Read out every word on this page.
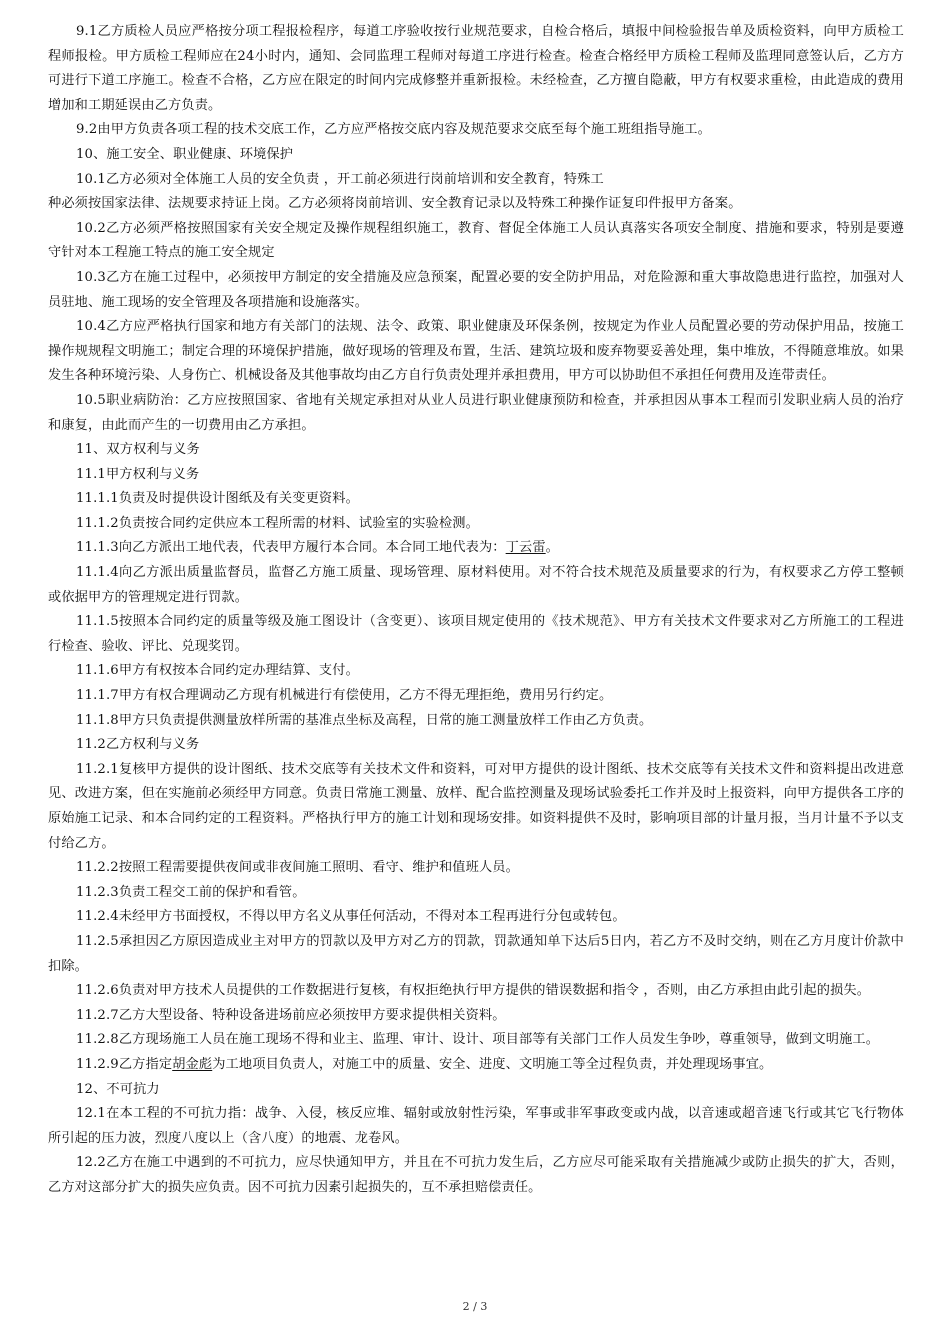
9.1乙方质检人员应严格按分项工程报检程序，每道工序验收按行业规范要求，自检合格后，填报中间检验报告单及质检资料，向甲方质检工程师报检。甲方质检工程师应在24小时内，通知、会同监理工程师对每道工序进行检查。检查合格经甲方质检工程师及监理同意签认后，乙方方可进行下道工序施工。检查不合格，乙方应在限定的时间内完成修整并重新报检。未经检查，乙方擅自隐蔽，甲方有权要求重检，由此造成的费用增加和工期延误由乙方负责。

9.2由甲方负责各项工程的技术交底工作，乙方应严格按交底内容及规范要求交底至每个施工班组指导施工。

10、施工安全、职业健康、环境保护

10.1乙方必须对全体施工人员的安全负责 ，开工前必须进行岗前培训和安全教育，特殊工

种必须按国家法律、法规要求持证上岗。乙方必须将岗前培训、安全教育记录以及特殊工种操作证复印件报甲方备案。

10.2乙方必须严格按照国家有关安全规定及操作规程组织施工，教育、督促全体施工人员认真落实各项安全制度、措施和要求，特别是要遵守针对本工程施工特点的施工安全规定

10.3乙方在施工过程中，必须按甲方制定的安全措施及应急预案，配置必要的安全防护用品，对危险源和重大事故隐患进行监控，加强对人员驻地、施工现场的安全管理及各项措施和设施落实。

10.4乙方应严格执行国家和地方有关部门的法规、法令、政策、职业健康及环保条例，按规定为作业人员配置必要的劳动保护用品，按施工操作规规程文明施工；制定合理的环境保护措施，做好现场的管理及布置，生活、建筑垃圾和废弃物要妥善处理，集中堆放，不得随意堆放。如果发生各种环境污染、人身伤亡、机械设备及其他事故均由乙方自行负责处理并承担费用，甲方可以协助但不承担任何费用及连带责任。

10.5职业病防治：乙方应按照国家、省地有关规定承担对从业人员进行职业健康预防和检查，并承担因从事本工程而引发职业病人员的治疗和康复，由此而产生的一切费用由乙方承担。

11、双方权利与义务

11.1甲方权利与义务

11.1.1负责及时提供设计图纸及有关变更资料。

11.1.2负责按合同约定供应本工程所需的材料、试验室的实验检测。

11.1.3向乙方派出工地代表，代表甲方履行本合同。本合同工地代表为：丁云雷。

11.1.4向乙方派出质量监督员，监督乙方施工质量、现场管理、原材料使用。对不符合技术规范及质量要求的行为，有权要求乙方停工整顿或依据甲方的管理规定进行罚款。

11.1.5按照本合同约定的质量等级及施工图设计（含变更）、该项目规定使用的《技术规范》、甲方有关技术文件要求对乙方所施工的工程进行检查、验收、评比、兑现奖罚。

11.1.6甲方有权按本合同约定办理结算、支付。

11.1.7甲方有权合理调动乙方现有机械进行有偿使用，乙方不得无理拒绝，费用另行约定。

11.1.8甲方只负责提供测量放样所需的基准点坐标及高程，日常的施工测量放样工作由乙方负责。

11.2乙方权利与义务

11.2.1复核甲方提供的设计图纸、技术交底等有关技术文件和资料，可对甲方提供的设计图纸、技术交底等有关技术文件和资料提出改进意见、改进方案，但在实施前必须经甲方同意。负责日常施工测量、放样、配合监控测量及现场试验委托工作并及时上报资料，向甲方提供各工序的原始施工记录、和本合同约定的工程资料。严格执行甲方的施工计划和现场安排。如资料提供不及时，影响项目部的计量月报，当月计量不予以支付给乙方。

11.2.2按照工程需要提供夜间或非夜间施工照明、看守、维护和值班人员。

11.2.3负责工程交工前的保护和看管。

11.2.4未经甲方书面授权，不得以甲方名义从事任何活动，不得对本工程再进行分包或转包。

11.2.5承担因乙方原因造成业主对甲方的罚款以及甲方对乙方的罚款，罚款通知单下达后5日内，若乙方不及时交纳，则在乙方月度计价款中扣除。

11.2.6负责对甲方技术人员提供的工作数据进行复核，有权拒绝执行甲方提供的错误数据和指令 ，否则，由乙方承担由此引起的损失。

11.2.7乙方大型设备、特种设备进场前应必须按甲方要求提供相关资料。

11.2.8乙方现场施工人员在施工现场不得和业主、监理、审计、设计、项目部等有关部门工作人员发生争吵，尊重领导，做到文明施工。

11.2.9乙方指定胡金彪为工地项目负责人，对施工中的质量、安全、进度、文明施工等全过程负责，并处理现场事宜。

12、不可抗力

12.1在本工程的不可抗力指：战争、入侵，核反应堆、辐射或放射性污染，军事或非军事政变或内战，以音速或超音速飞行或其它飞行物体所引起的压力波，烈度八度以上（含八度）的地震、龙卷风。

12.2乙方在施工中遇到的不可抗力，应尽快通知甲方，并且在不可抗力发生后，乙方应尽可能采取有关措施减少或防止损失的扩大，否则，乙方对这部分扩大的损失应负责。因不可抗力因素引起损失的，互不承担赔偿责任。

2 / 3
